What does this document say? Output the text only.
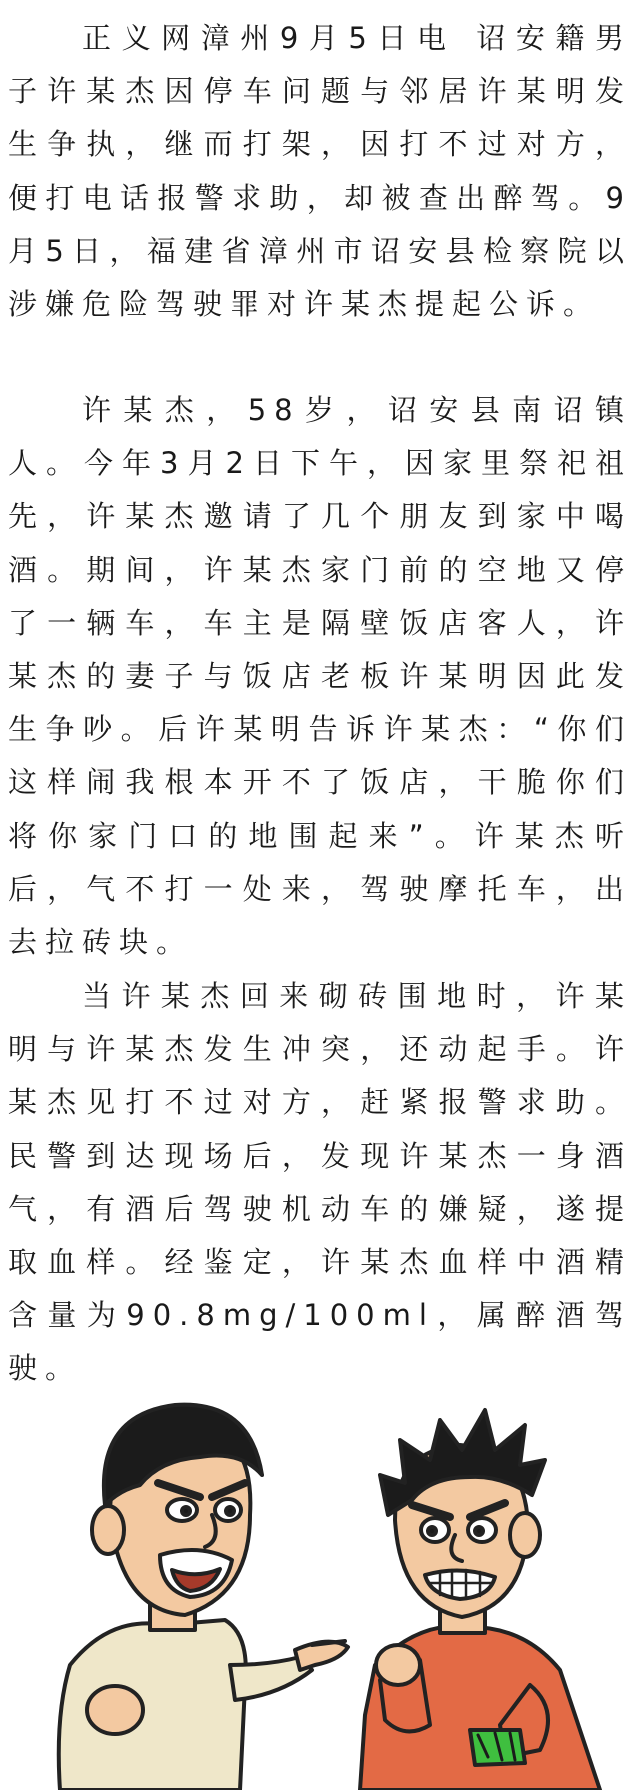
正义网漳州9月5日电 诏安籍男子许某杰因停车问题与邻居许某明发生争执，继而打架，因打不过对方，便打电话报警求助，却被查出醉驾。9月5日，福建省漳州市诏安县检察院以涉嫌危险驾驶罪对许某杰提起公诉。

许某杰，58岁，诏安县南诏镇人。今年3月2日下午，因家里祭祀祖先，许某杰邀请了几个朋友到家中喝酒。期间，许某杰家门前的空地又停了一辆车，车主是隔壁饭店客人，许某杰的妻子与饭店老板许某明因此发生争吵。后许某明告诉许某杰：“你们这样闹我根本开不了饭店，干脆你们将你家门口的地围起来”。许某杰听后，气不打一处来，驾驶摩托车，出去拉砖块。

当许某杰回来砌砖围地时，许某明与许某杰发生冲突，还动起手。许某杰见打不过对方，赶紧报警求助。民警到达现场后，发现许某杰一身酒气，有酒后驾驶机动车的嫌疑，遂提取血样。经鉴定，许某杰血样中酒精含量为90.8mg/100ml，属醉酒驾驶。
